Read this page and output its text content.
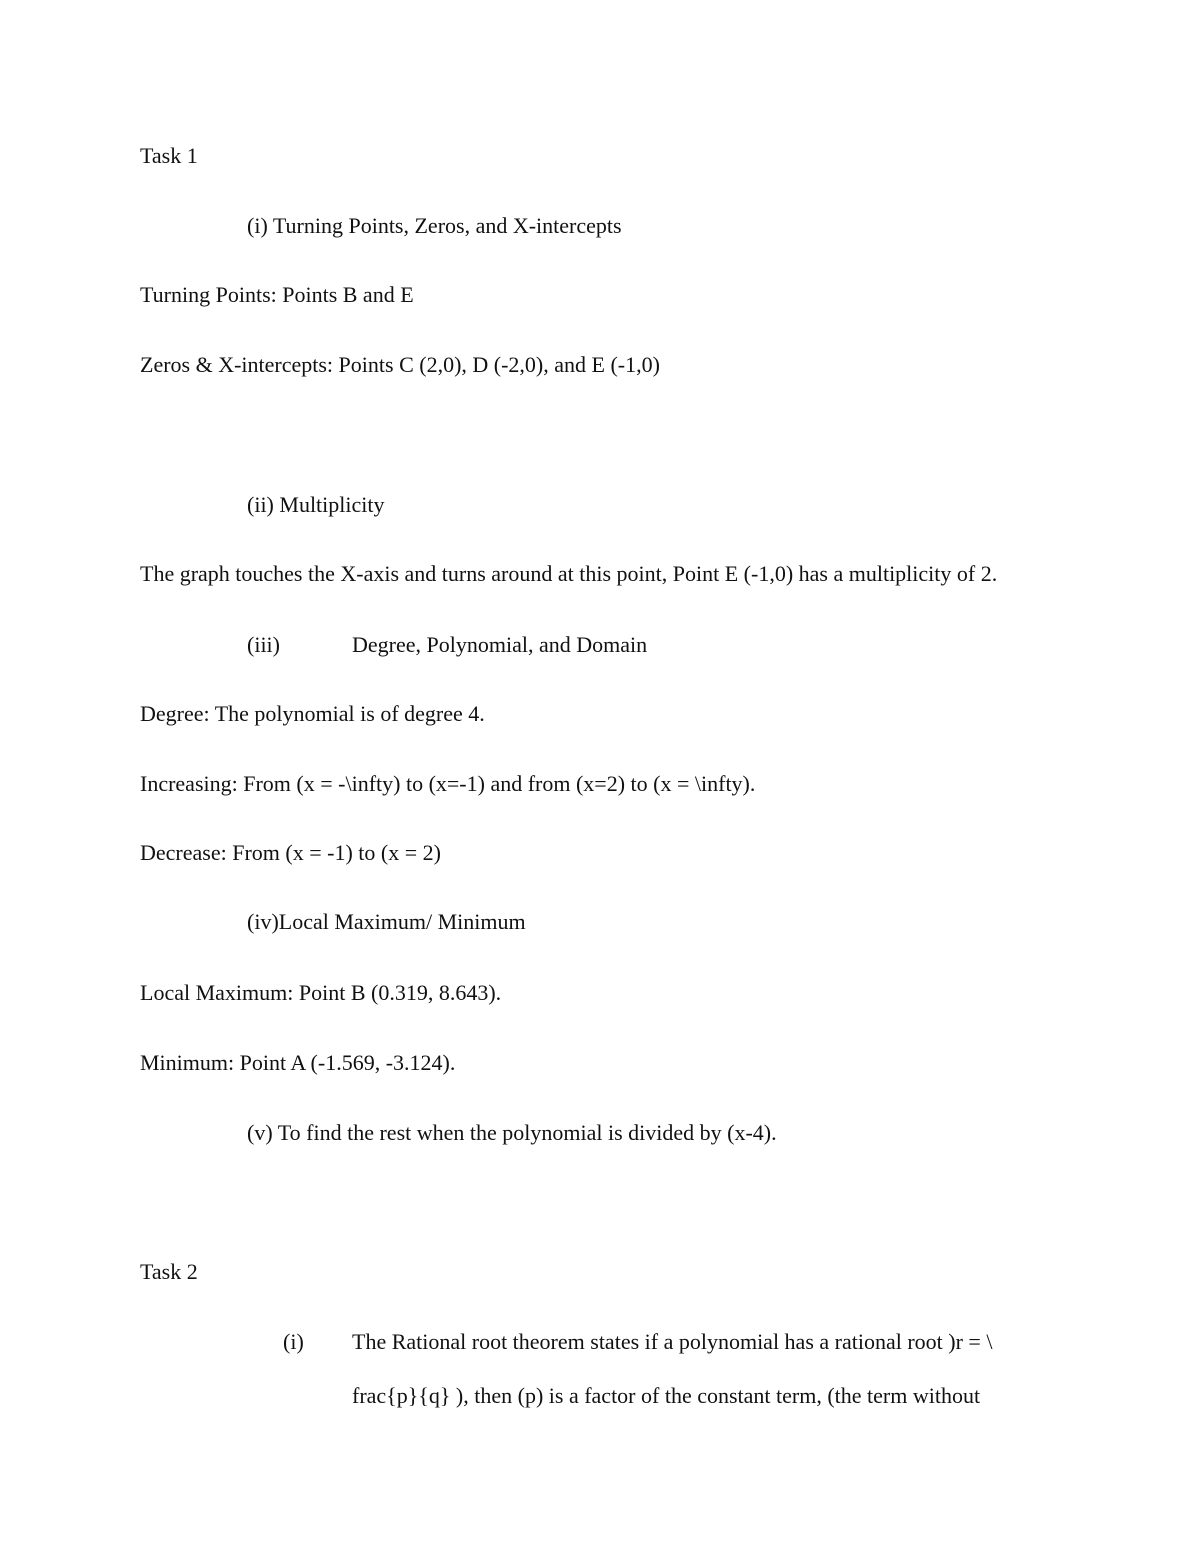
Task 1
(i) Turning Points, Zeros, and X-intercepts
Turning Points: Points B and E
Zeros & X-intercepts: Points C (2,0), D (-2,0), and E (-1,0)
(ii) Multiplicity
The graph touches the X-axis and turns around at this point, Point E (-1,0) has a multiplicity of 2.
(iii)	Degree, Polynomial, and Domain
Degree: The polynomial is of degree 4.
Increasing: From (x = -\infty) to (x=-1) and from (x=2) to (x = \infty).
Decrease: From (x = -1) to (x = 2)
(iv)Local Maximum/ Minimum
Local Maximum: Point B (0.319, 8.643).
Minimum: Point A (-1.569, -3.124).
(v) To find the rest when the polynomial is divided by (x-4).
Task 2
(i) The Rational root theorem states if a polynomial has a rational root )r = \
frac{p}{q} ), then (p) is a factor of the constant term, (the term without
